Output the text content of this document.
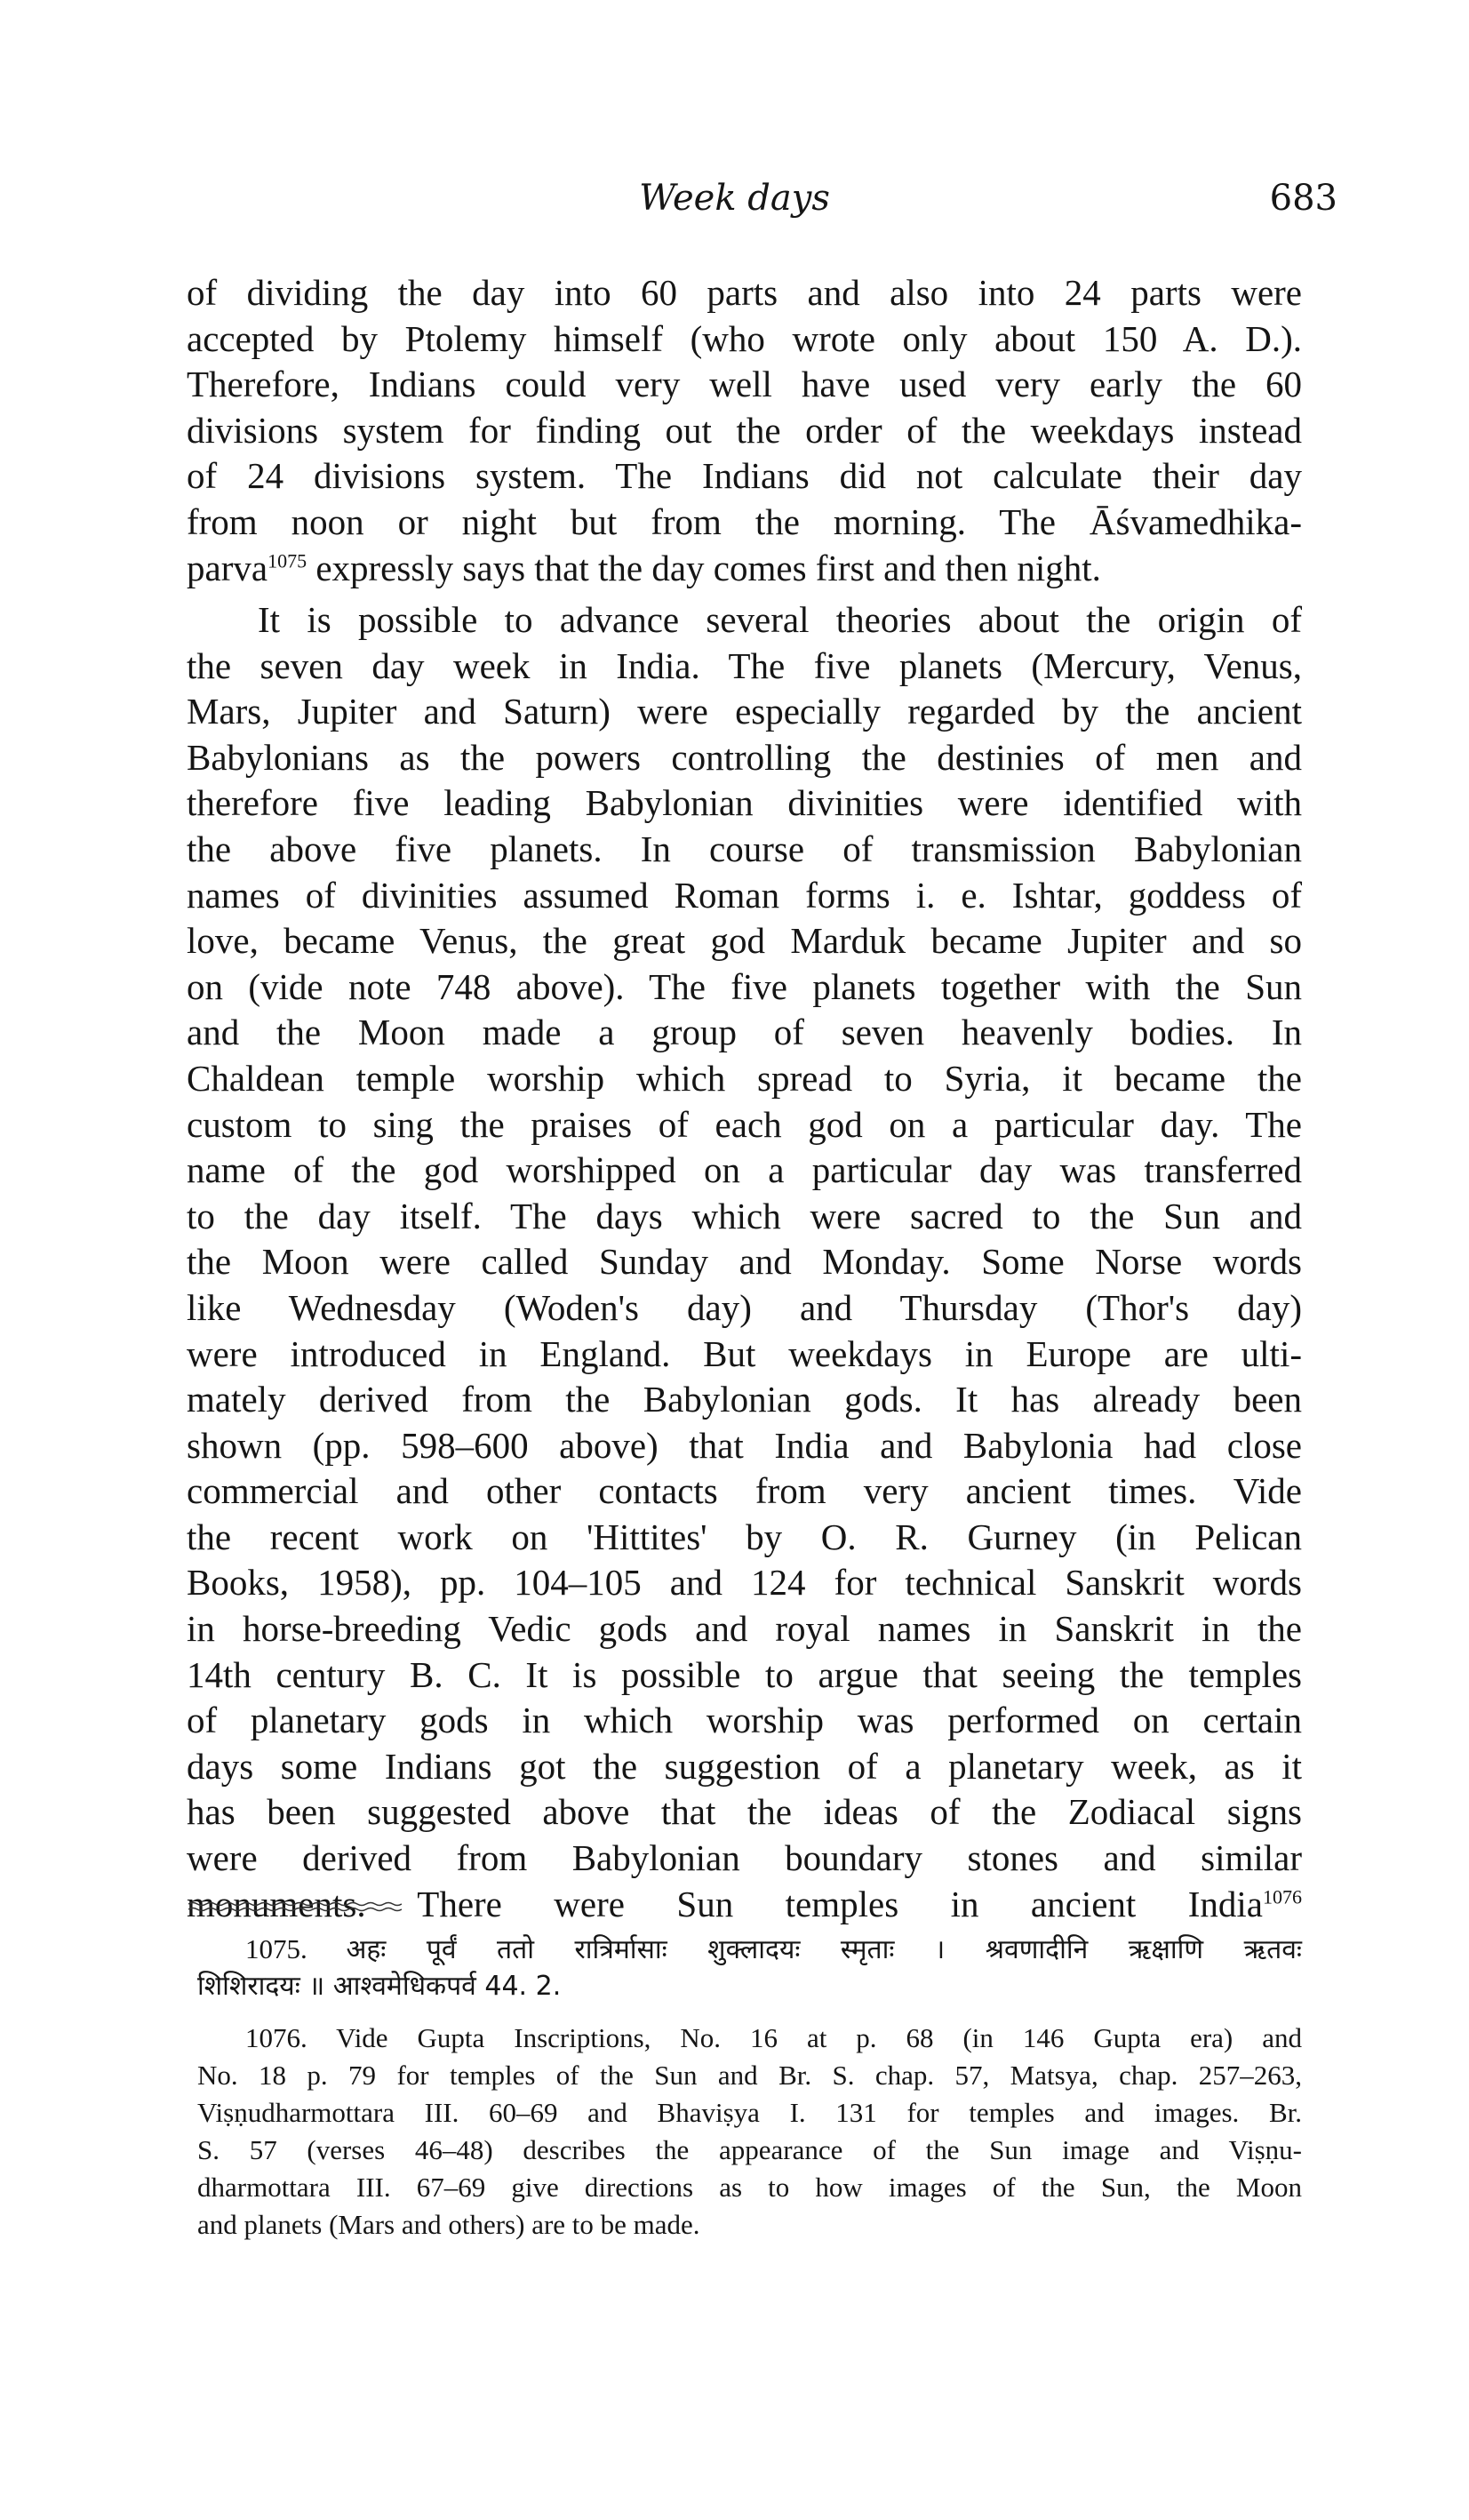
Week days	683
of dividing the day into 60 parts and also into 24 parts were
accepted by Ptolemy himself (who wrote only about 150 A. D.).
Therefore, Indians could very well have used very early the 60
divisions system for finding out the order of the weekdays instead
of 24 divisions system. The Indians did not calculate their day
from noon or night but from the morning. The Āśvamedhika-
parva$^{1075}$ expressly says that the day comes first and then night.
It is possible to advance several theories about the origin of
the seven day week in India. The five planets (Mercury, Venus,
Mars, Jupiter and Saturn) were especially regarded by the ancient
Babylonians as the powers controlling the destinies of men and
therefore five leading Babylonian divinities were identified with
the above five planets. In course of transmission Babylonian
names of divinities assumed Roman forms i. e. Ishtar, goddess of
love, became Venus, the great god Marduk became Jupiter and so
on (vide note 748 above). The five planets together with the Sun
and the Moon made a group of seven heavenly bodies. In
Chaldean temple worship which spread to Syria, it became the
custom to sing the praises of each god on a particular day. The
name of the god worshipped on a particular day was transferred
to the day itself. The days which were sacred to the Sun and
the Moon were called Sunday and Monday. Some Norse words
like Wednesday (Woden's day) and Thursday (Thor's day)
were introduced in England. But weekdays in Europe are ulti-
mately derived from the Babylonian gods. It has already been
shown (pp. 598–600 above) that India and Babylonia had close
commercial and other contacts from very ancient times. Vide
the recent work on 'Hittites' by O. R. Gurney (in Pelican
Books, 1958), pp. 104–105 and 124 for technical Sanskrit words
in horse-breeding Vedic gods and royal names in Sanskrit in the
14th century B. C. It is possible to argue that seeing the temples
of planetary gods in which worship was performed on certain
days some Indians got the suggestion of a planetary week, as it
has been suggested above that the ideas of the Zodiacal signs
were derived from Babylonian boundary stones and similar
monuments. There were Sun temples in ancient India$^{1076}$
1075. अहः पूर्वं ततो रात्रिर्मासाः शुक्लादयः स्मृताः । श्रवणादीनि ऋक्षाणि ऋतवः
शिशिरादयः ॥ आश्वमेधिकपर्व 44. 2.
1076. Vide Gupta Inscriptions, No. 16 at p. 68 (in 146 Gupta era) and
No. 18 p. 79 for temples of the Sun and Br. S. chap. 57, Matsya, chap. 257–263,
Viṣṇudharmottara III. 60–69 and Bhaviṣya I. 131 for temples and images. Br.
S. 57 (verses 46–48) describes the appearance of the Sun image and Viṣṇu-
dharmottara III. 67–69 give directions as to how images of the Sun, the Moon
and planets (Mars and others) are to be made.
